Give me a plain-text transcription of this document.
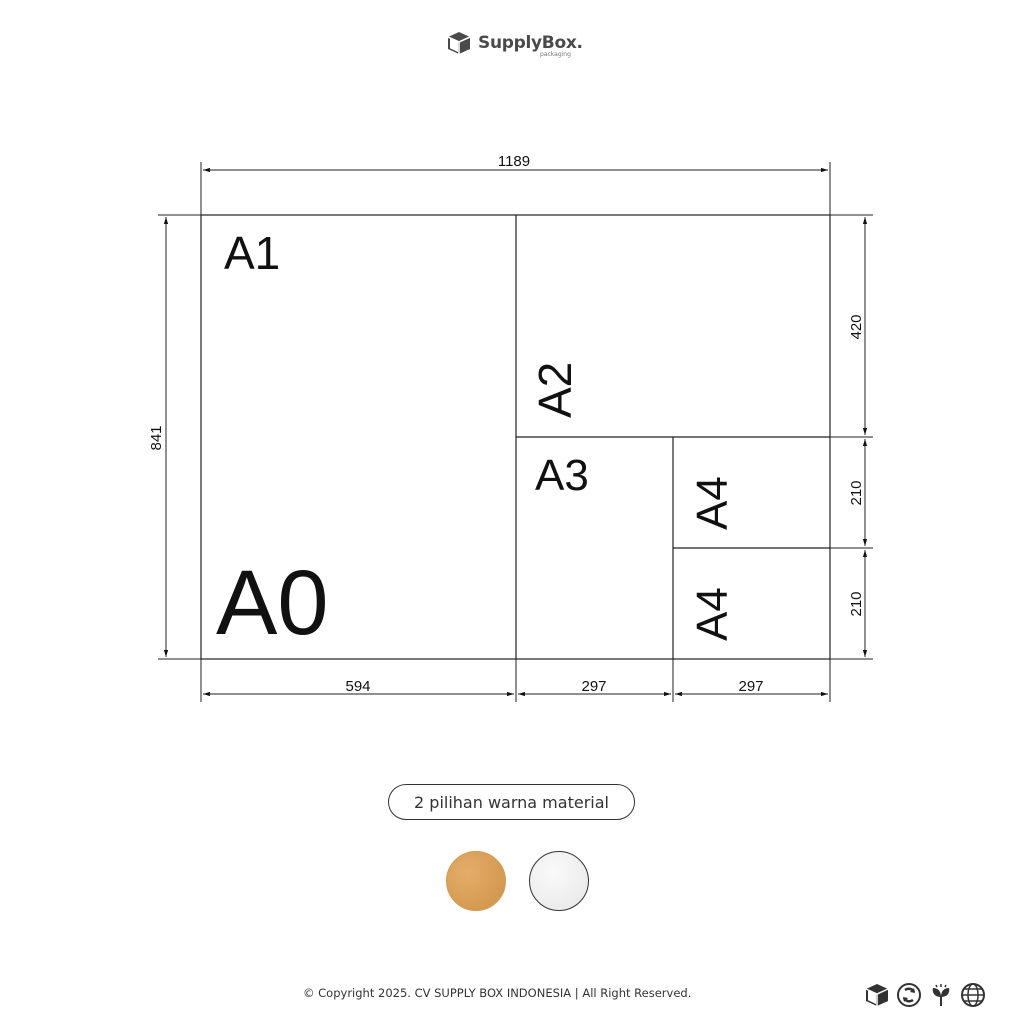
SupplyBox.
packaging
A0
A1
A2
A3
A4
A4
1189
841
594	297	297
420
210
210
2 pilihan warna material
© Copyright 2025. CV SUPPLY BOX INDONESIA | All Right Reserved.
